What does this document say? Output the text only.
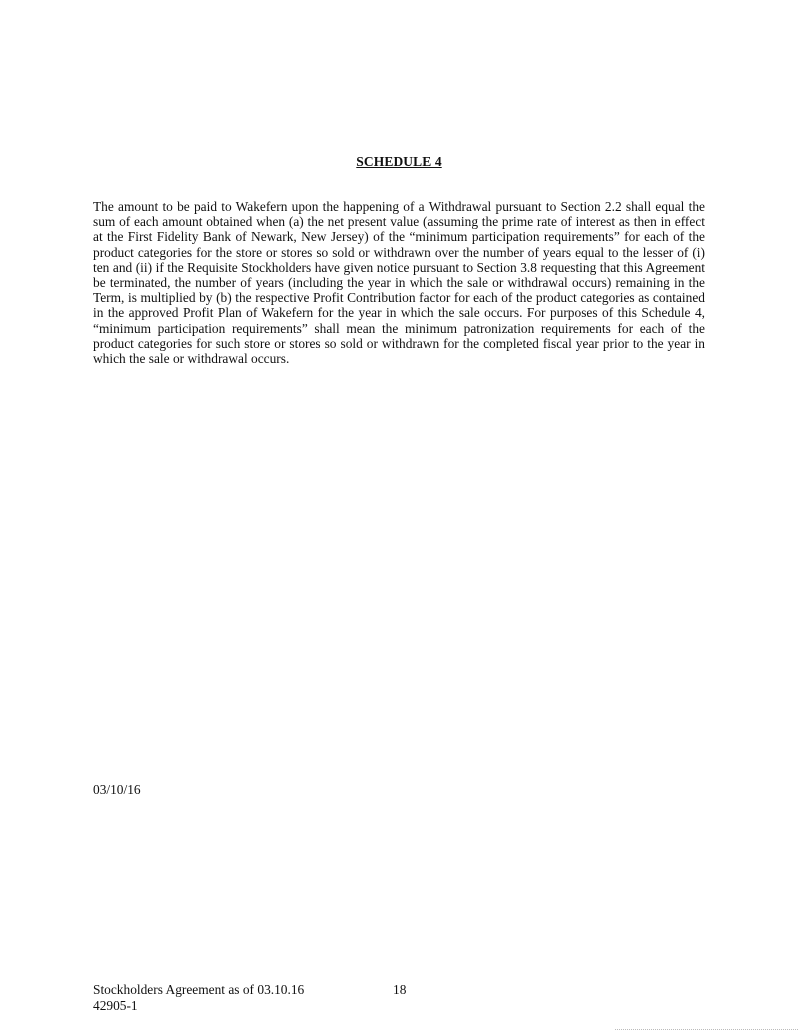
SCHEDULE 4
The amount to be paid to Wakefern upon the happening of a Withdrawal pursuant to Section 2.2 shall equal the sum of each amount obtained when (a) the net present value (assuming the prime rate of interest as then in effect at the First Fidelity Bank of Newark, New Jersey) of the “minimum participation requirements” for each of the product categories for the store or stores so sold or withdrawn over the number of years equal to the lesser of (i) ten and (ii) if the Requisite Stockholders have given notice pursuant to Section 3.8 requesting that this Agreement be terminated, the number of years (including the year in which the sale or withdrawal occurs) remaining in the Term, is multiplied by (b) the respective Profit Contribution factor for each of the product categories as contained in the approved Profit Plan of Wakefern for the year in which the sale occurs. For purposes of this Schedule 4, “minimum participation requirements” shall mean the minimum patronization requirements for each of the product categories for such store or stores so sold or withdrawn for the completed fiscal year prior to the year in which the sale or withdrawal occurs.
03/10/16
Stockholders Agreement as of 03.10.16
42905-1
18
